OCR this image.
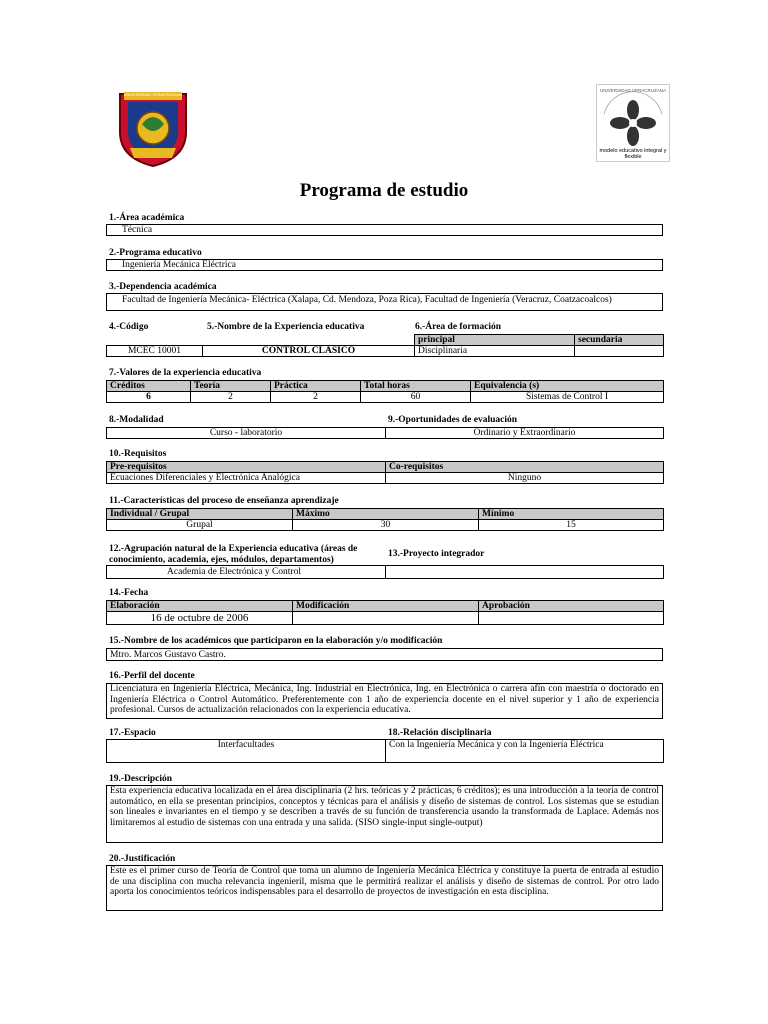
modelo educativo integral y flexible
UNIVERSIDAD VERACRUZANA
UNIVERSIDAD VERACRUZANA
Programa de estudio
1.-Área académica
Técnica
2.-Programa educativo
Ingeniería Mecánica Eléctrica
3.-Dependencia académica
Facultad de Ingeniería Mecánica- Eléctrica (Xalapa, Cd. Mendoza, Poza Rica), Facultad de Ingeniería (Veracruz, Coatzacoalcos)
4.-Código	5.-Nombre de la Experiencia educativa	6.-Área de formación
		principal	secundaria
MCEC 10001	CONTROL CLÁSICO	Disciplinaria	
7.-Valores de la experiencia educativa
Créditos	Teoría	Práctica	Total horas	Equivalencia (s)
6	2	2	60	Sistemas de Control I
8.-Modalidad	9.-Oportunidades de evaluación
Curso - laboratorio	Ordinario y Extraordinario
10.-Requisitos
Pre-requisitos	Co-requisitos
Ecuaciones Diferenciales y Electrónica Analógica	Ninguno
11.-Características del proceso de enseñanza aprendizaje
Individual / Grupal	Máximo	Mínimo
Grupal	30	15
12.-Agrupación natural de la Experiencia educativa (áreas de
conocimiento, academia, ejes, módulos, departamentos)
13.-Proyecto integrador
Academia de Electrónica y Control	
14.-Fecha
Elaboración	Modificación	Aprobación
16 de octubre de 2006		
15.-Nombre de los académicos que participaron en la elaboración y/o modificación
Mtro. Marcos Gustavo Castro.
16.-Perfil del docente
Licenciatura en Ingeniería Eléctrica, Mecánica, Ing. Industrial en Electrónica, Ing. en Electrónica o carrera afín con maestría o doctorado en Ingeniería Eléctrica o Control Automático. Preferentemente con 1 año de experiencia docente en el nivel superior y 1 año de experiencia profesional. Cursos de actualización relacionados con la experiencia educativa.
17.-Espacio	18.-Relación disciplinaria
Interfacultades	Con la Ingeniería Mecánica y con la Ingeniería Eléctrica
19.-Descripción
Esta experiencia educativa localizada en el área disciplinaria (2 hrs. teóricas y 2 prácticas, 6 créditos); es una introducción a la teoría de control automático, en ella se presentan principios, conceptos y técnicas para el análisis y diseño de sistemas de control. Los sistemas que se estudian son lineales e invariantes en el tiempo y se describen a través de su función de transferencia usando la transformada de Laplace. Además nos limitaremos al estudio de sistemas con una entrada y una salida. (SISO single-input single-output)
20.-Justificación
Este es el primer curso de Teoría de Control que toma un alumno de Ingeniería Mecánica Eléctrica y constituye la puerta de entrada al estudio de una disciplina con mucha relevancia ingenieril, misma que le permitirá realizar el análisis y diseño de sistemas de control. Por otro lado aporta los conocimientos teóricos indispensables para el desarrollo de proyectos de investigación en esta disciplina.
